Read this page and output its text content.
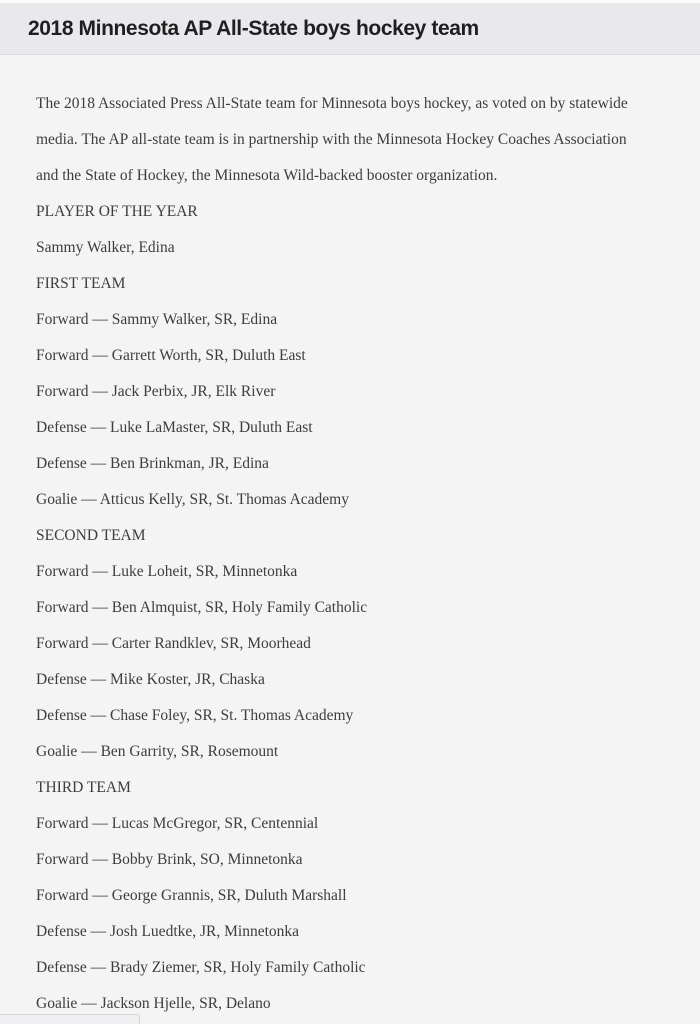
2018 Minnesota AP All-State boys hockey team
The 2018 Associated Press All-State team for Minnesota boys hockey, as voted on by statewide
media. The AP all-state team is in partnership with the Minnesota Hockey Coaches Association
and the State of Hockey, the Minnesota Wild-backed booster organization.

PLAYER OF THE YEAR

Sammy Walker, Edina

FIRST TEAM

Forward — Sammy Walker, SR, Edina

Forward — Garrett Worth, SR, Duluth East

Forward — Jack Perbix, JR, Elk River

Defense — Luke LaMaster, SR, Duluth East

Defense — Ben Brinkman, JR, Edina

Goalie — Atticus Kelly, SR, St. Thomas Academy

SECOND TEAM

Forward — Luke Loheit, SR, Minnetonka

Forward — Ben Almquist, SR, Holy Family Catholic

Forward — Carter Randklev, SR, Moorhead

Defense — Mike Koster, JR, Chaska

Defense — Chase Foley, SR, St. Thomas Academy

Goalie — Ben Garrity, SR, Rosemount

THIRD TEAM

Forward — Lucas McGregor, SR, Centennial

Forward — Bobby Brink, SO, Minnetonka

Forward — George Grannis, SR, Duluth Marshall

Defense — Josh Luedtke, JR, Minnetonka

Defense — Brady Ziemer, SR, Holy Family Catholic

Goalie — Jackson Hjelle, SR, Delano
